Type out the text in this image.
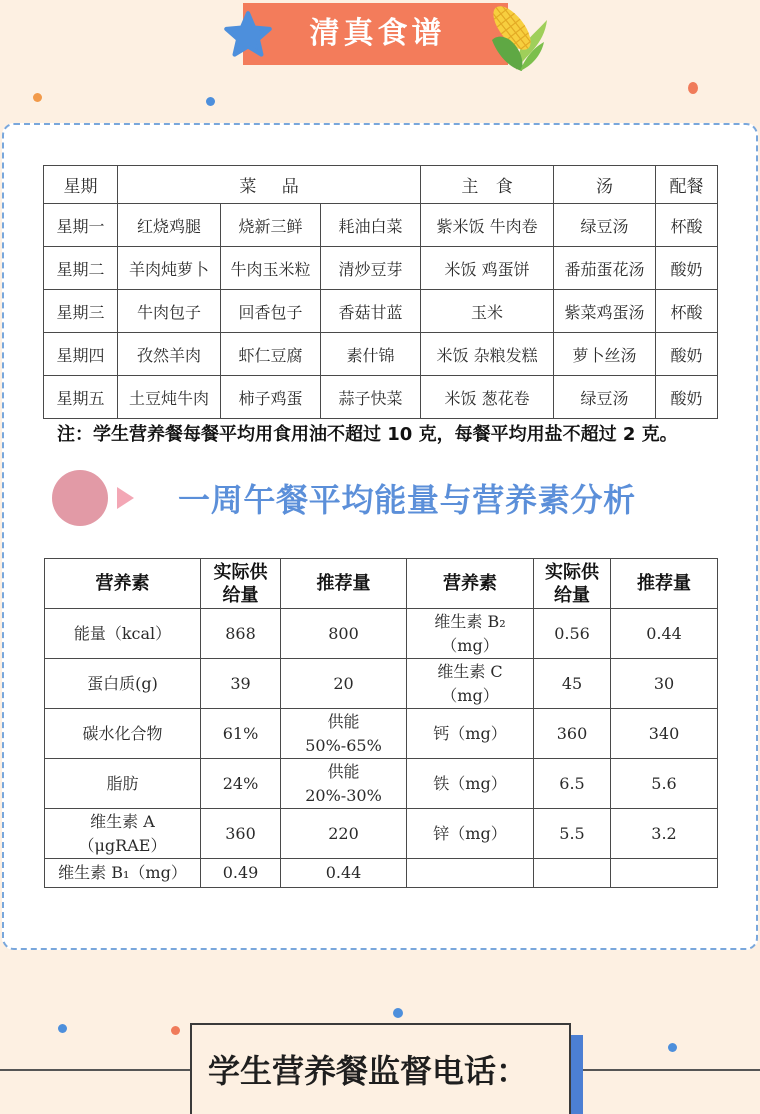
清真食谱
星期	菜 品			主 食	汤	配餐
星期一	红烧鸡腿	烧新三鲜	耗油白菜	紫米饭 牛肉卷	绿豆汤	杯酸
星期二	羊肉炖萝卜	牛肉玉米粒	清炒豆芽	米饭 鸡蛋饼	番茄蛋花汤	酸奶
星期三	牛肉包子	回香包子	香菇甘蓝	玉米	紫菜鸡蛋汤	杯酸
星期四	孜然羊肉	虾仁豆腐	素什锦	米饭 杂粮发糕	萝卜丝汤	酸奶
星期五	土豆炖牛肉	柿子鸡蛋	蒜子快菜	米饭 葱花卷	绿豆汤	酸奶
注：学生营养餐每餐平均用食用油不超过 10 克，每餐平均用盐不超过 2 克。
一周午餐平均能量与营养素分析
营养素	实际供给量	推荐量	营养素	实际供给量	推荐量
能量（kcal）	868	800	维生素 B₂（mg）	0.56	0.44
蛋白质(g)	39	20	维生素 C（mg）	45	30
碳水化合物	61%	供能 50%-65%	钙（mg）	360	340
脂肪	24%	供能 20%-30%	铁（mg）	6.5	5.6
维生素 A（μgRAE）	360	220	锌（mg）	5.5	3.2
维生素 B₁（mg）	0.49	0.44			
学生营养餐监督电话：
